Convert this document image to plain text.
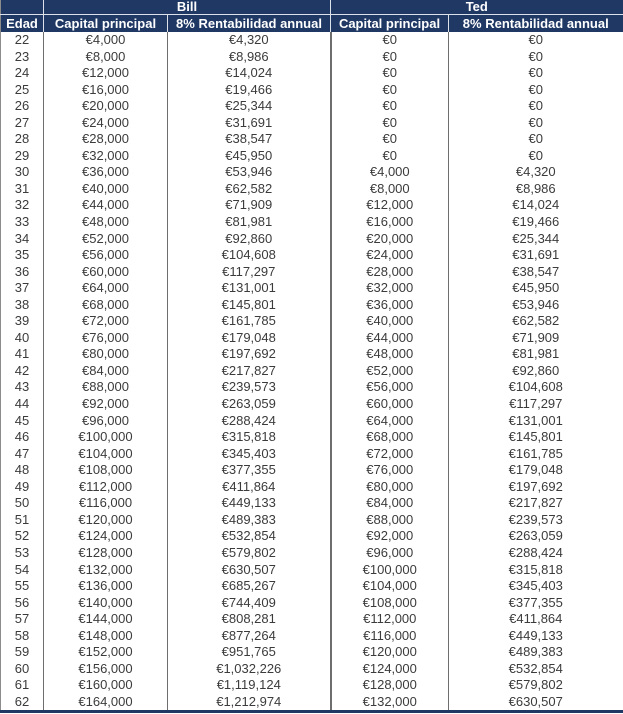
	Bill		Ted	
Edad	Capital principal	8% Rentabilidad annual	Capital principal	8% Rentabilidad annual
22	€4,000	€4,320	€0	€0
23	€8,000	€8,986	€0	€0
24	€12,000	€14,024	€0	€0
25	€16,000	€19,466	€0	€0
26	€20,000	€25,344	€0	€0
27	€24,000	€31,691	€0	€0
28	€28,000	€38,547	€0	€0
29	€32,000	€45,950	€0	€0
30	€36,000	€53,946	€4,000	€4,320
31	€40,000	€62,582	€8,000	€8,986
32	€44,000	€71,909	€12,000	€14,024
33	€48,000	€81,981	€16,000	€19,466
34	€52,000	€92,860	€20,000	€25,344
35	€56,000	€104,608	€24,000	€31,691
36	€60,000	€117,297	€28,000	€38,547
37	€64,000	€131,001	€32,000	€45,950
38	€68,000	€145,801	€36,000	€53,946
39	€72,000	€161,785	€40,000	€62,582
40	€76,000	€179,048	€44,000	€71,909
41	€80,000	€197,692	€48,000	€81,981
42	€84,000	€217,827	€52,000	€92,860
43	€88,000	€239,573	€56,000	€104,608
44	€92,000	€263,059	€60,000	€117,297
45	€96,000	€288,424	€64,000	€131,001
46	€100,000	€315,818	€68,000	€145,801
47	€104,000	€345,403	€72,000	€161,785
48	€108,000	€377,355	€76,000	€179,048
49	€112,000	€411,864	€80,000	€197,692
50	€116,000	€449,133	€84,000	€217,827
51	€120,000	€489,383	€88,000	€239,573
52	€124,000	€532,854	€92,000	€263,059
53	€128,000	€579,802	€96,000	€288,424
54	€132,000	€630,507	€100,000	€315,818
55	€136,000	€685,267	€104,000	€345,403
56	€140,000	€744,409	€108,000	€377,355
57	€144,000	€808,281	€112,000	€411,864
58	€148,000	€877,264	€116,000	€449,133
59	€152,000	€951,765	€120,000	€489,383
60	€156,000	€1,032,226	€124,000	€532,854
61	€160,000	€1,119,124	€128,000	€579,802
62	€164,000	€1,212,974	€132,000	€630,507
